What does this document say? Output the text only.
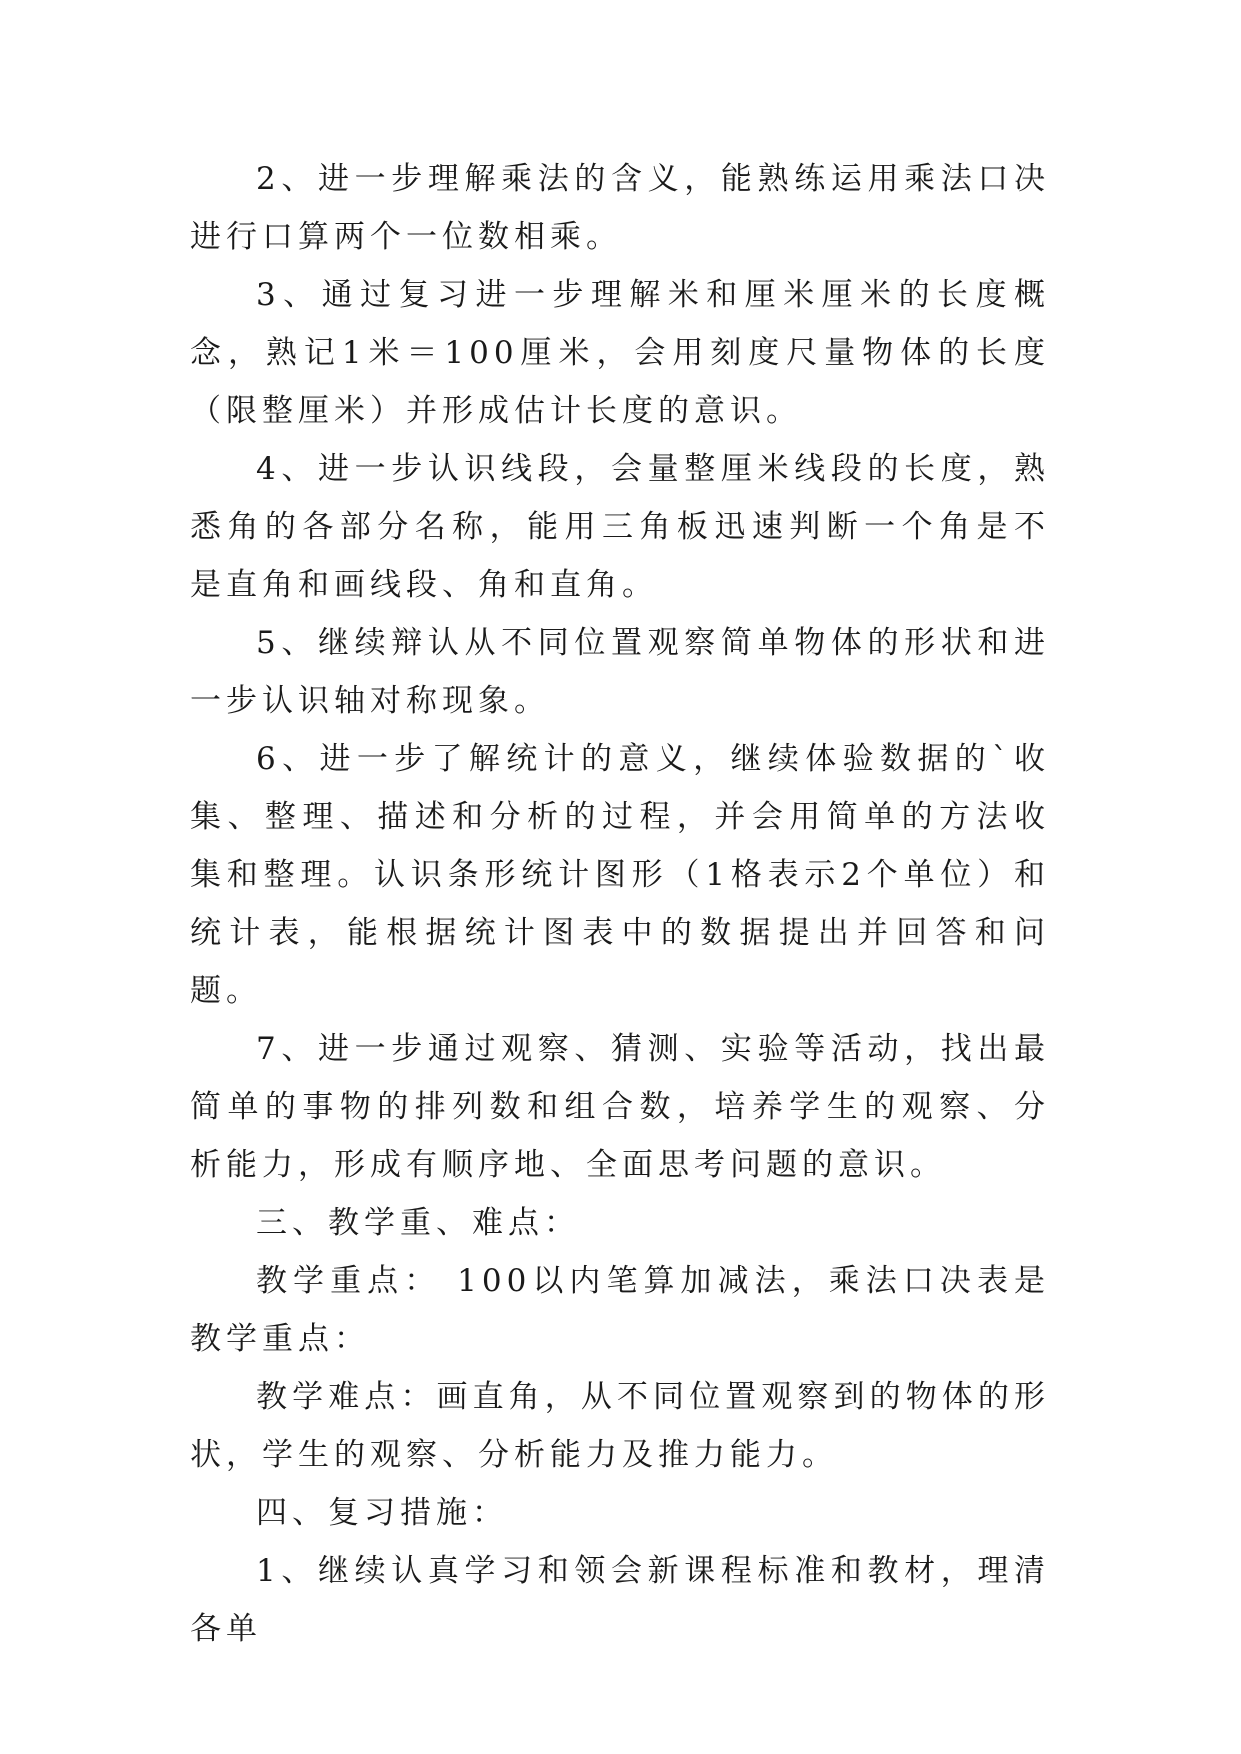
2、进一步理解乘法的含义，能熟练运用乘法口决进行口算两个一位数相乘。

3、通过复习进一步理解米和厘米厘米的长度概念，熟记1米＝100厘米，会用刻度尺量物体的长度（限整厘米）并形成估计长度的意识。

4、进一步认识线段，会量整厘米线段的长度，熟悉角的各部分名称，能用三角板迅速判断一个角是不是直角和画线段、角和直角。

5、继续辩认从不同位置观察简单物体的形状和进一步认识轴对称现象。

6、进一步了解统计的意义，继续体验数据的`收集、整理、描述和分析的过程，并会用简单的方法收集和整理。认识条形统计图形（1格表示2个单位）和统计表，能根据统计图表中的数据提出并回答和问题。

7、进一步通过观察、猜测、实验等活动，找出最简单的事物的排列数和组合数，培养学生的观察、分析能力，形成有顺序地、全面思考问题的意识。

三、教学重、难点：

教学重点： 100以内笔算加减法，乘法口决表是教学重点：

教学难点：画直角，从不同位置观察到的物体的形状，学生的观察、分析能力及推力能力。

四、复习措施：

1、继续认真学习和领会新课程标准和教材，理清各单
